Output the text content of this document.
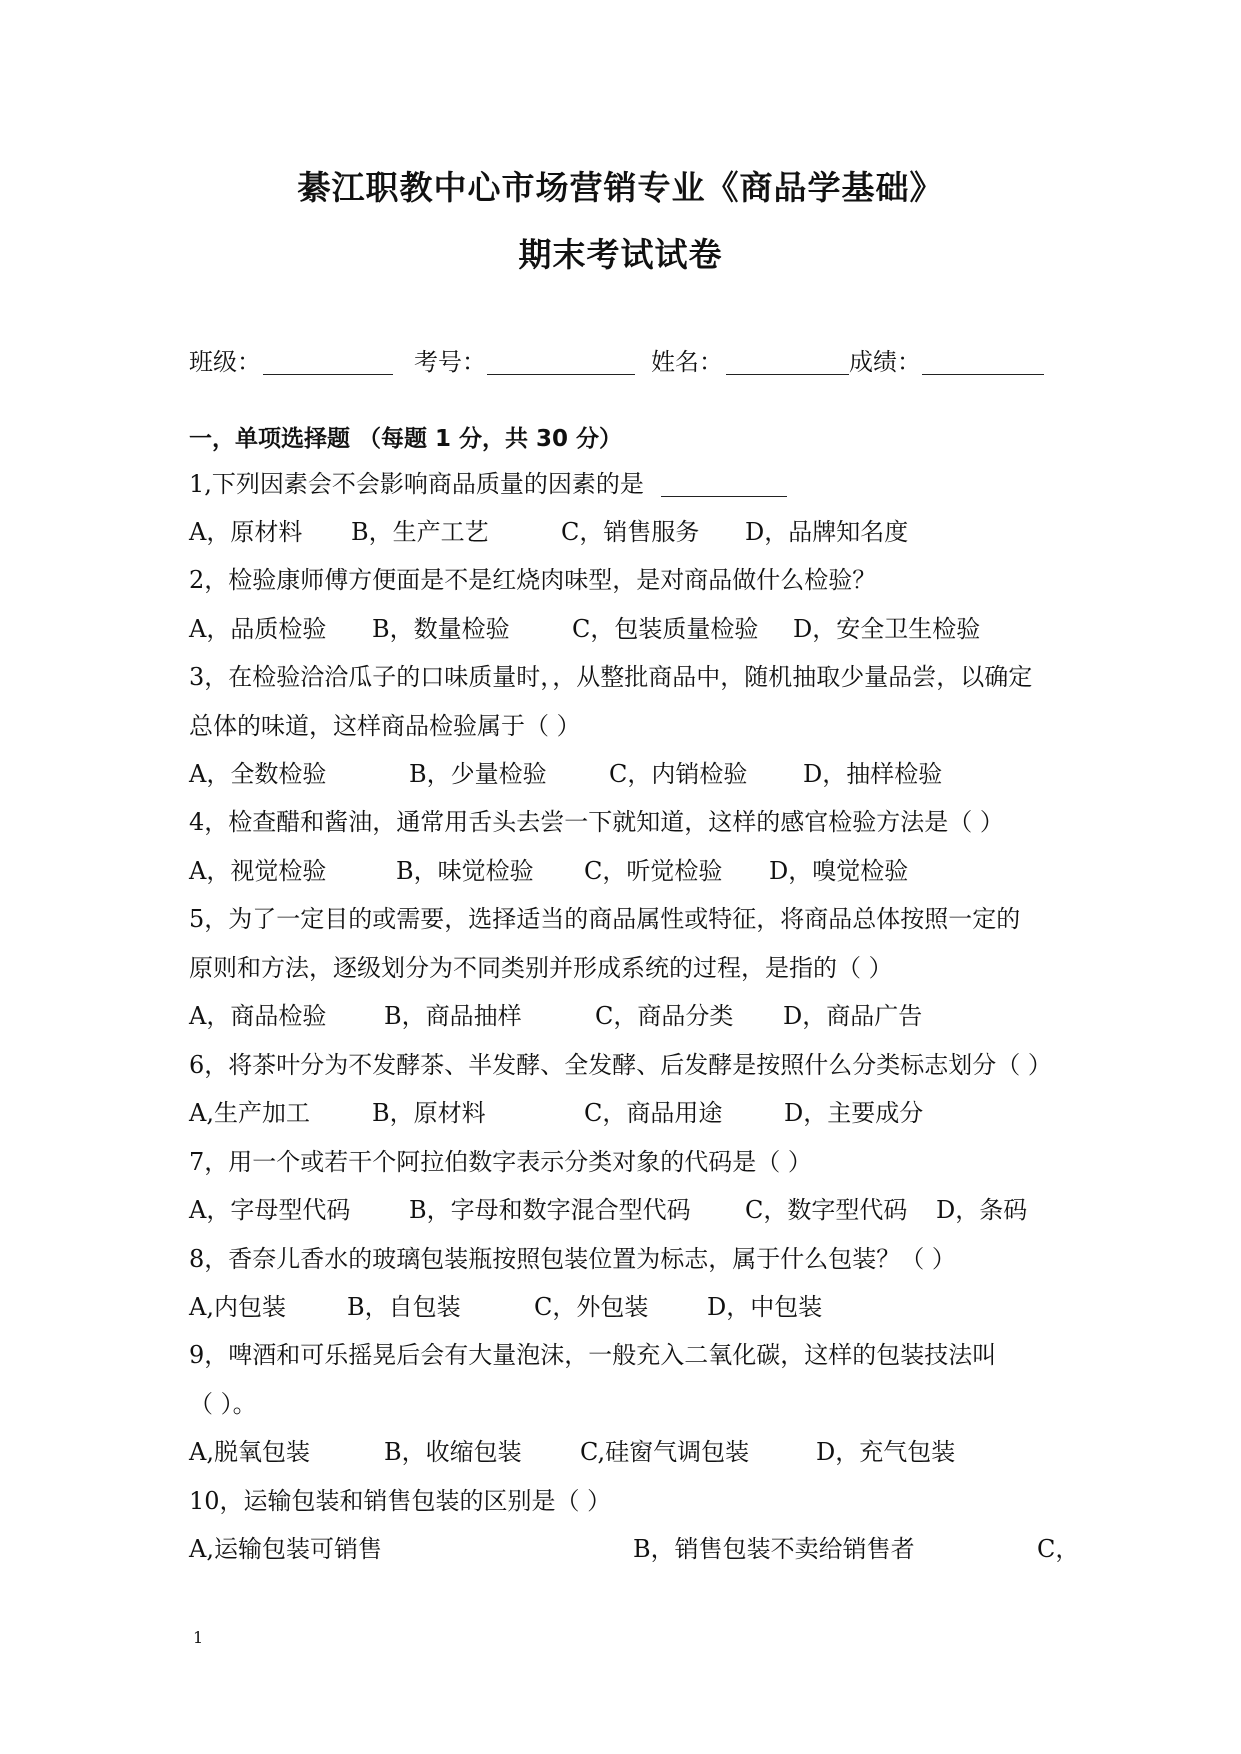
綦江职教中心市场营销专业《商品学基础》
期末考试试卷
班级：	考号：	姓名：	成绩：
一，单项选择题 （每题 1 分，共 30 分）
1,下列因素会不会影响商品质量的因素的是
A，原材料 B，生产工艺	C，销售服务 D，品牌知名度
2，检验康师傅方便面是不是红烧肉味型，是对商品做什么检验？
A，品质检验 B，数量检验	C，包装质量检验 D，安全卫生检验
3，在检验洽洽瓜子的口味质量时，，从整批商品中，随机抽取少量品尝，以确定
总体的味道，这样商品检验属于（ ）
A，全数检验	B，少量检验	C，内销检验 D，抽样检验
4，检查醋和酱油，通常用舌头去尝一下就知道，这样的感官检验方法是（ ）
A，视觉检验	B，味觉检验 C，听觉检验 D，嗅觉检验
5，为了一定目的或需要，选择适当的商品属性或特征，将商品总体按照一定的
原则和方法，逐级划分为不同类别并形成系统的过程，是指的（ ）
A，商品检验 B，商品抽样	C，商品分类 D，商品广告
6，将茶叶分为不发酵茶、半发酵、全发酵、后发酵是按照什么分类标志划分（ ）
A,生产加工	B，原材料	C，商品用途	D，主要成分
7，用一个或若干个阿拉伯数字表示分类对象的代码是（ ）
A，字母型代码 B，字母和数字混合型代码 C，数字型代码 D，条码
8，香奈儿香水的玻璃包装瓶按照包装位置为标志，属于什么包装？（ ）
A,内包装	B，自包装	C，外包装 D，中包装
9，啤酒和可乐摇晃后会有大量泡沫，一般充入二氧化碳，这样的包装技法叫
（ ）。
A,脱氧包装	B，收缩包装 C,硅窗气调包装	D，充气包装
10，运输包装和销售包装的区别是（ ）
A,运输包装可销售	B，销售包装不卖给销售者	C，
1
